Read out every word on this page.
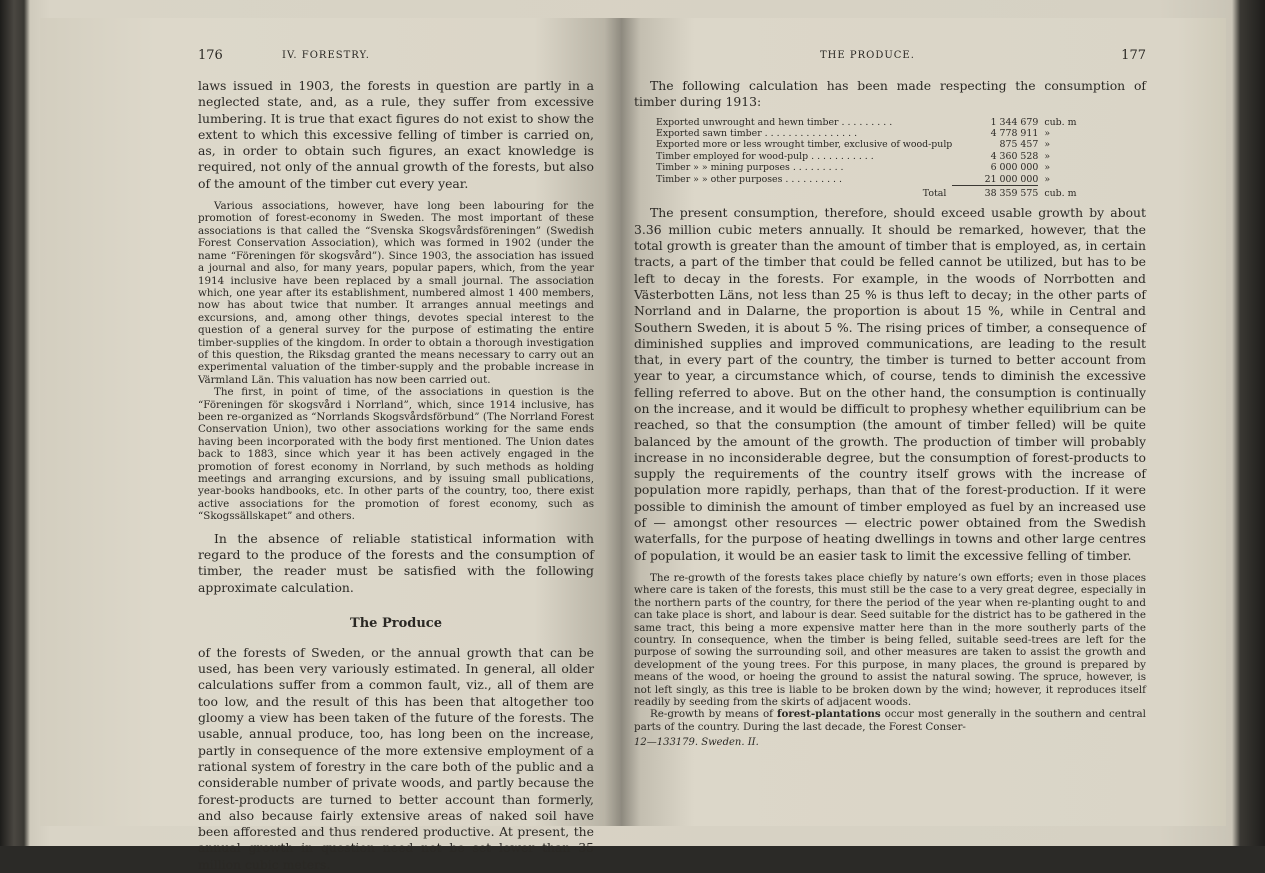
176	IV. FORESTRY.

laws issued in 1903, the forests in question are partly in a neglected state, and, as a rule, they suffer from excessive lumbering. It is true that exact figures do not exist to show the extent to which this excessive felling of timber is carried on, as, in order to obtain such figures, an exact knowledge is required, not only of the annual growth of the forests, but also of the amount of the timber cut every year.

Various associations, however, have long been labouring for the promotion of forest-economy in Sweden. The most important of these associations is that called the “Svenska Skogsvårdsföreningen” (Swedish Forest Conservation Association), which was formed in 1902 (under the name “Föreningen för skogsvård”). Since 1903, the association has issued a journal and also, for many years, popular papers, which, from the year 1914 inclusive have been replaced by a small journal. The association which, one year after its establishment, numbered almost 1 400 members, now has about twice that number. It arranges annual meetings and excursions, and, among other things, devotes special interest to the question of a general survey for the purpose of estimating the entire timber-supplies of the kingdom. In order to obtain a thorough investigation of this question, the Riksdag granted the means necessary to carry out an experimental valuation of the timber-supply and the probable increase in Värmland Län. This valuation has now been carried out.

The first, in point of time, of the associations in question is the “Föreningen för skogsvård i Norrland”, which, since 1914 inclusive, has been re-organized as “Norrlands Skogsvårdsförbund” (The Norrland Forest Conservation Union), two other associations working for the same ends having been incorporated with the body first mentioned. The Union dates back to 1883, since which year it has been actively engaged in the promotion of forest economy in Norrland, by such methods as holding meetings and arranging excursions, and by issuing small publications, year-books handbooks, etc. In other parts of the country, too, there exist active associations for the promotion of forest economy, such as “Skogssällskapet” and others.

In the absence of reliable statistical information with regard to the produce of the forests and the consumption of timber, the reader must be satisfied with the following approximate calculation.

The Produce

of the forests of Sweden, or the annual growth that can be used, has been very variously estimated. In general, all older calculations suffer from a common fault, viz., all of them are too low, and the result of this has been that altogether too gloomy a view has been taken of the future of the forests. The usable, annual produce, too, has long been on the increase, partly in consequence of the more extensive employment of a rational system of forestry in the care both of the public and a considerable number of private woods, and partly because the forest-products are turned to better account than formerly, and also because fairly extensive areas of naked soil have been afforested and thus rendered productive. At present, the annual growth in question need not be set lower than 35 million cubic meters.

THE PRODUCE.	177

The following calculation has been made respecting the consumption of timber during 1913:

Exported unwrought and hewn timber . . . . . . . . .	1 344 679	cub. m
Exported sawn timber . . . . . . . . . . . . . . . .	4 778 911	»
Exported more or less wrought timber, exclusive of wood-pulp	875 457	»
Timber employed for wood-pulp . . . . . . . . . . .	4 360 528	»
Timber » » mining purposes . . . . . . . . .	6 000 000	»
Timber » » other purposes . . . . . . . . . .	21 000 000	»
Total	38 359 575	cub. m

The present consumption, therefore, should exceed usable growth by about 3.36 million cubic meters annually. It should be remarked, however, that the total growth is greater than the amount of timber that is employed, as, in certain tracts, a part of the timber that could be felled cannot be utilized, but has to be left to decay in the forests. For example, in the woods of Norrbotten and Västerbotten Läns, not less than 25 % is thus left to decay; in the other parts of Norrland and in Dalarne, the proportion is about 15 %, while in Central and Southern Sweden, it is about 5 %. The rising prices of timber, a consequence of diminished supplies and improved communications, are leading to the result that, in every part of the country, the timber is turned to better account from year to year, a circumstance which, of course, tends to diminish the excessive felling referred to above. But on the other hand, the consumption is continually on the increase, and it would be difficult to prophesy whether equilibrium can be reached, so that the consumption (the amount of timber felled) will be quite balanced by the amount of the growth. The production of timber will probably increase in no inconsiderable degree, but the consumption of forest-products to supply the requirements of the country itself grows with the increase of population more rapidly, perhaps, than that of the forest-production. If it were possible to diminish the amount of timber employed as fuel by an increased use of — amongst other resources — electric power obtained from the Swedish waterfalls, for the purpose of heating dwellings in towns and other large centres of population, it would be an easier task to limit the excessive felling of timber.

The re-growth of the forests takes place chiefly by nature’s own efforts; even in those places where care is taken of the forests, this must still be the case to a very great degree, especially in the northern parts of the country, for there the period of the year when re-planting ought to and can take place is short, and labour is dear. Seed suitable for the district has to be gathered in the same tract, this being a more expensive matter here than in the more southerly parts of the country. In consequence, when the timber is being felled, suitable seed-trees are left for the purpose of sowing the surrounding soil, and other measures are taken to assist the growth and development of the young trees. For this purpose, in many places, the ground is prepared by means of the wood, or hoeing the ground to assist the natural sowing. The spruce, however, is not left singly, as this tree is liable to be broken down by the wind; however, it reproduces itself readily by seeding from the skirts of adjacent woods.

Re-growth by means of forest-plantations occur most generally in the southern and central parts of the country. During the last decade, the Forest Conser-

12—133179. Sweden. II.
